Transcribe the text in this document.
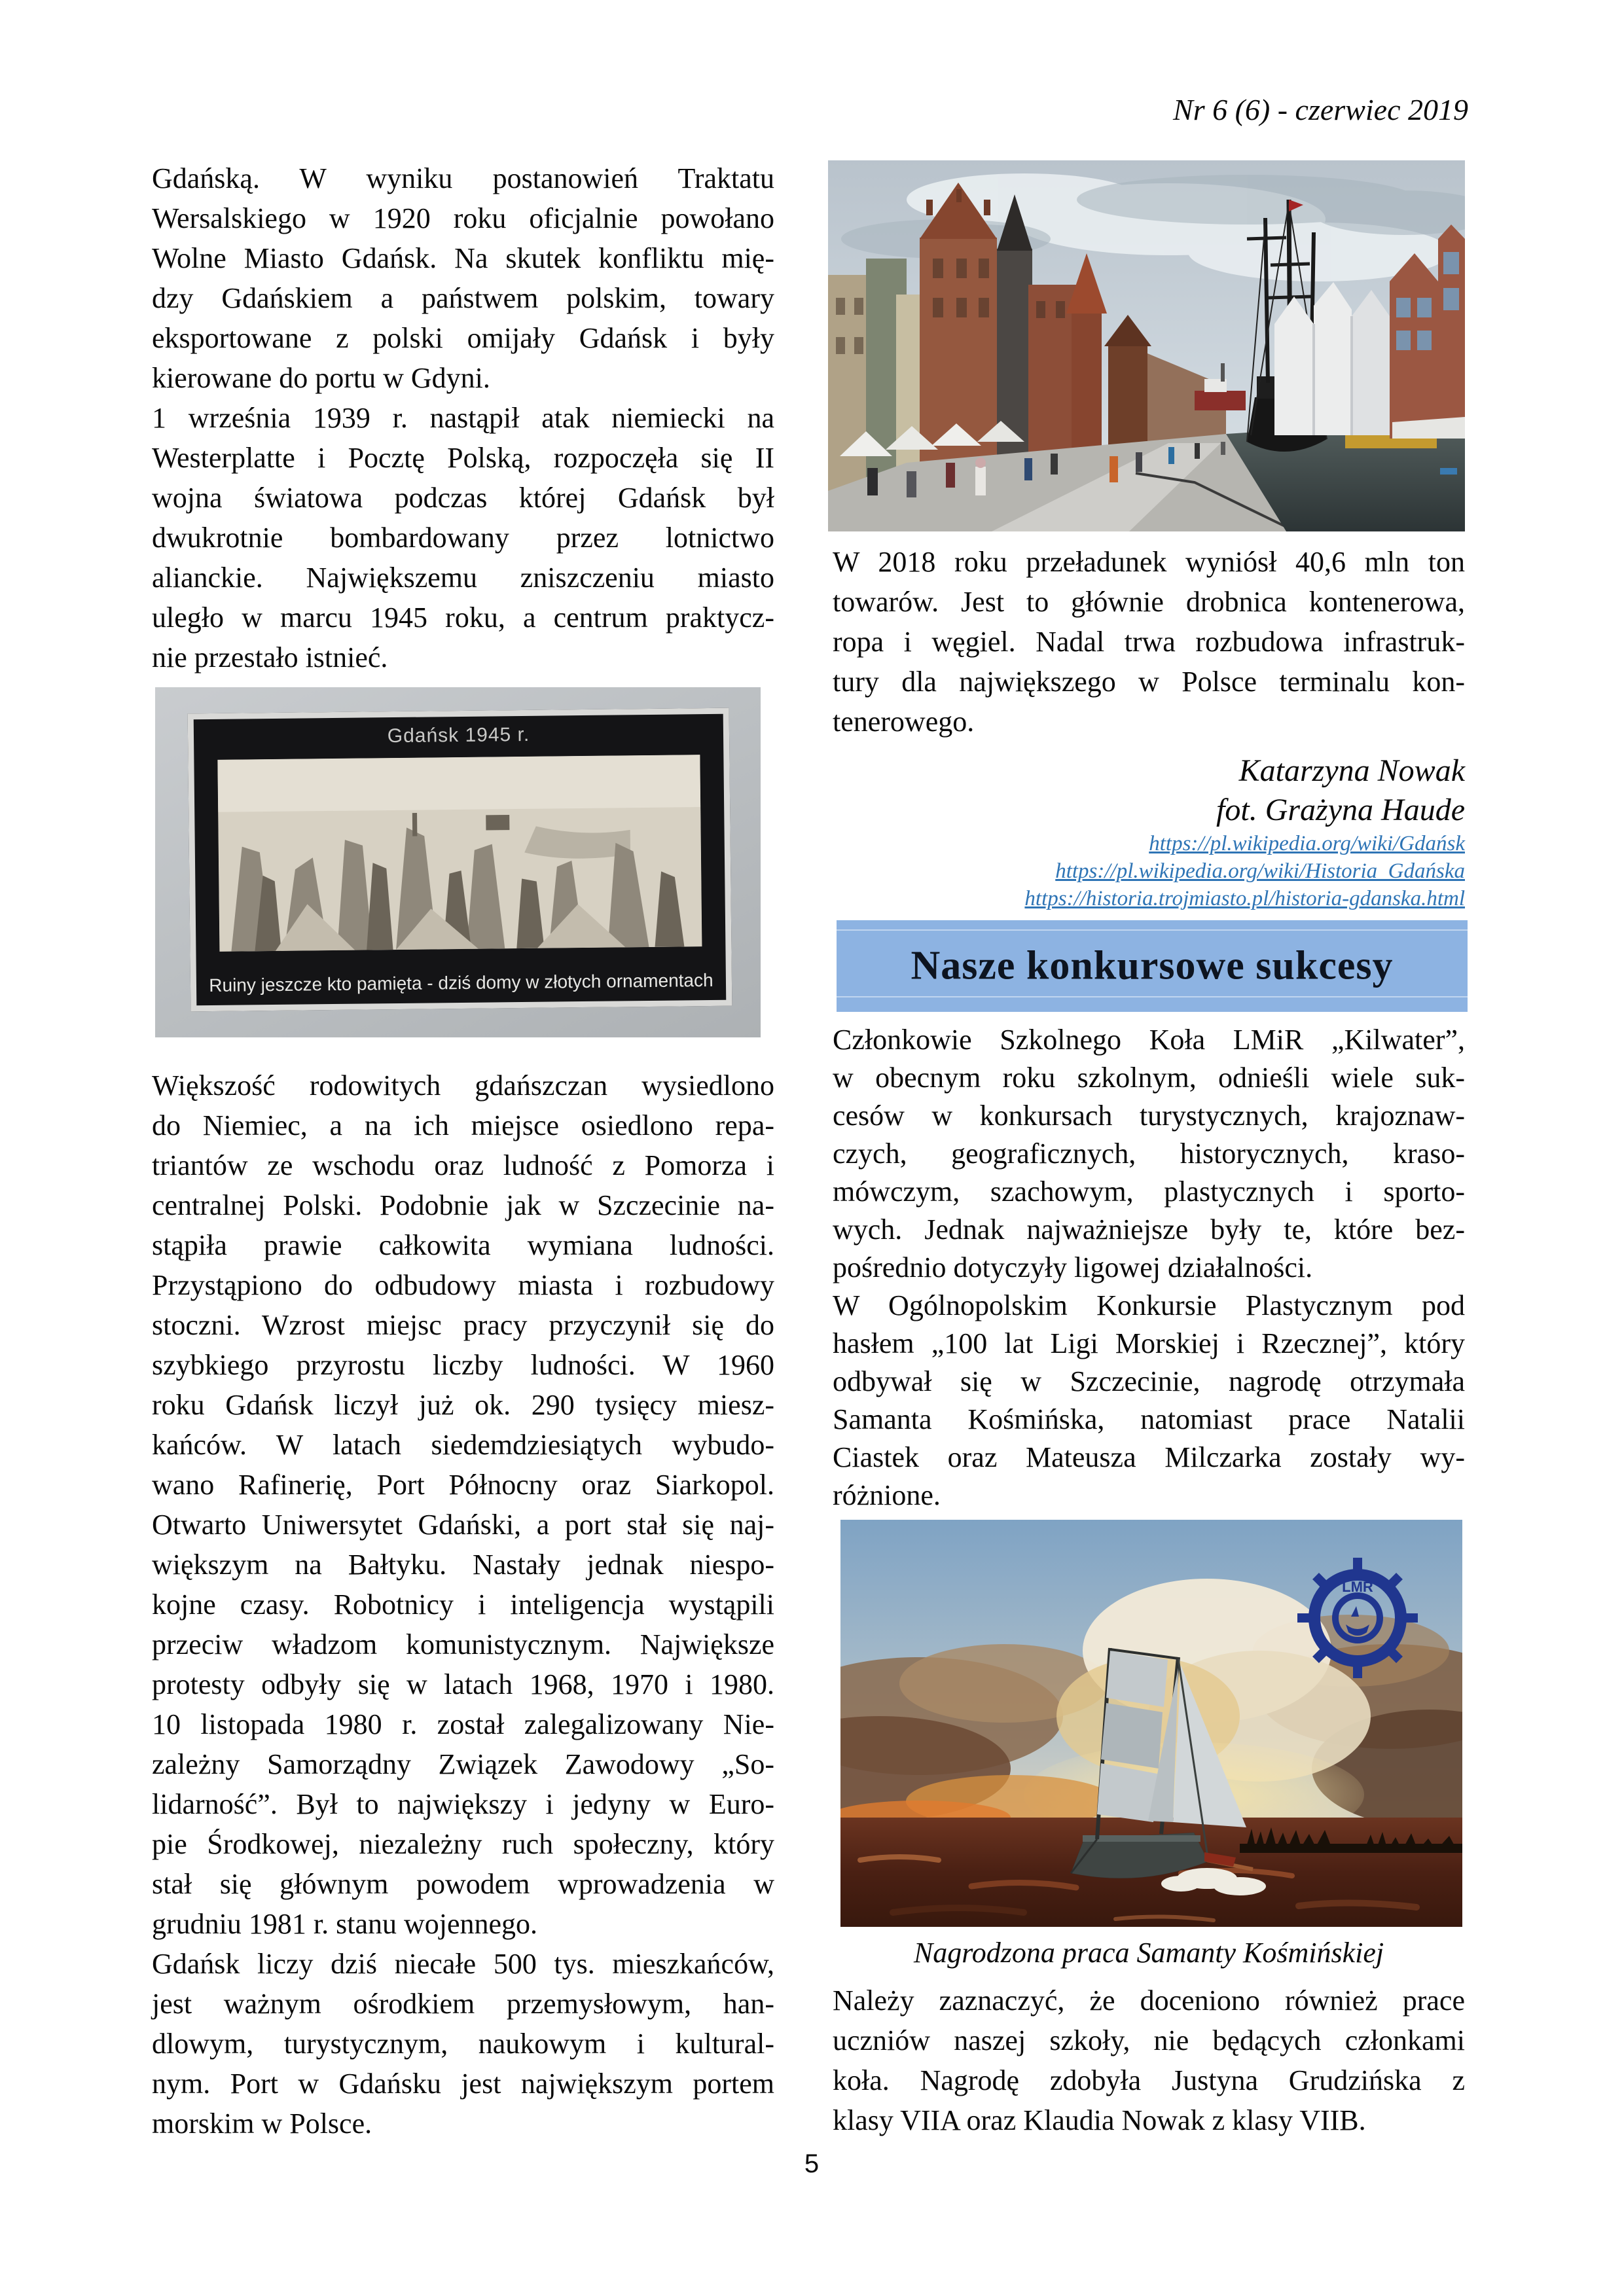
Nr 6 (6) - czerwiec 2019
Gdańską. W wyniku postanowień Traktatu
Wersalskiego w 1920 roku oficjalnie powołano
Wolne Miasto Gdańsk. Na skutek konfliktu mię-
dzy Gdańskiem a państwem polskim, towary
eksportowane z polski omijały Gdańsk i były
kierowane do portu w Gdyni.
1 września 1939 r. nastąpił atak niemiecki na
Westerplatte i Pocztę Polską, rozpoczęła się II
wojna światowa podczas której Gdańsk był
dwukrotnie bombardowany przez lotnictwo
alianckie. Największemu zniszczeniu miasto
uległo w marcu 1945 roku, a centrum praktycz-
nie przestało istnieć.
Gdańsk 1945 r.
Ruiny jeszcze kto pamięta - dziś domy w złotych ornamentach
Większość rodowitych gdańszczan wysiedlono
do Niemiec, a na ich miejsce osiedlono repa-
triantów ze wschodu oraz ludność z Pomorza i
centralnej Polski. Podobnie jak w Szczecinie na-
stąpiła prawie całkowita wymiana ludności.
Przystąpiono do odbudowy miasta i rozbudowy
stoczni. Wzrost miejsc pracy przyczynił się do
szybkiego przyrostu liczby ludności. W 1960
roku Gdańsk liczył już ok. 290 tysięcy miesz-
kańców. W latach siedemdziesiątych wybudo-
wano Rafinerię, Port Północny oraz Siarkopol.
Otwarto Uniwersytet Gdański, a port stał się naj-
większym na Bałtyku. Nastały jednak niespo-
kojne czasy. Robotnicy i inteligencja wystąpili
przeciw władzom komunistycznym. Największe
protesty odbyły się w latach 1968, 1970 i 1980.
10 listopada 1980 r. został zalegalizowany Nie-
zależny Samorządny Związek Zawodowy „So-
lidarność”. Był to największy i jedyny w Euro-
pie Środkowej, niezależny ruch społeczny, który
stał się głównym powodem wprowadzenia w
grudniu 1981 r. stanu wojennego.
Gdańsk liczy dziś niecałe 500 tys. mieszkańców,
jest ważnym ośrodkiem przemysłowym, han-
dlowym, turystycznym, naukowym i kultural-
nym. Port w Gdańsku jest największym portem
morskim w Polsce.
W 2018 roku przeładunek wyniósł 40,6 mln ton
towarów. Jest to głównie drobnica kontenerowa,
ropa i węgiel. Nadal trwa rozbudowa infrastruk-
tury dla największego w Polsce terminalu kon-
tenerowego.
Katarzyna Nowak
fot. Grażyna Haude
https://pl.wikipedia.org/wiki/Gdańsk
https://pl.wikipedia.org/wiki/Historia_Gdańska
https://historia.trojmiasto.pl/historia-gdanska.html
Nasze konkursowe sukcesy
Członkowie Szkolnego Koła LMiR „Kilwater”,
w obecnym roku szkolnym, odnieśli wiele suk-
cesów w konkursach turystycznych, krajoznaw-
czych, geograficznych, historycznych, kraso-
mówczym, szachowym, plastycznych i sporto-
wych. Jednak najważniejsze były te, które bez-
pośrednio dotyczyły ligowej działalności.
W Ogólnopolskim Konkursie Plastycznym pod
hasłem „100 lat Ligi Morskiej i Rzecznej”, który
odbywał się w Szczecinie, nagrodę otrzymała
Samanta Kośmińska, natomiast prace Natalii
Ciastek oraz Mateusza Milczarka zostały wy-
różnione.
LMR
Nagrodzona praca Samanty Kośmińskiej
Należy zaznaczyć, że doceniono również prace
uczniów naszej szkoły, nie będących członkami
koła. Nagrodę zdobyła Justyna Grudzińska z
klasy VIIA oraz Klaudia Nowak z klasy VIIB.
5
